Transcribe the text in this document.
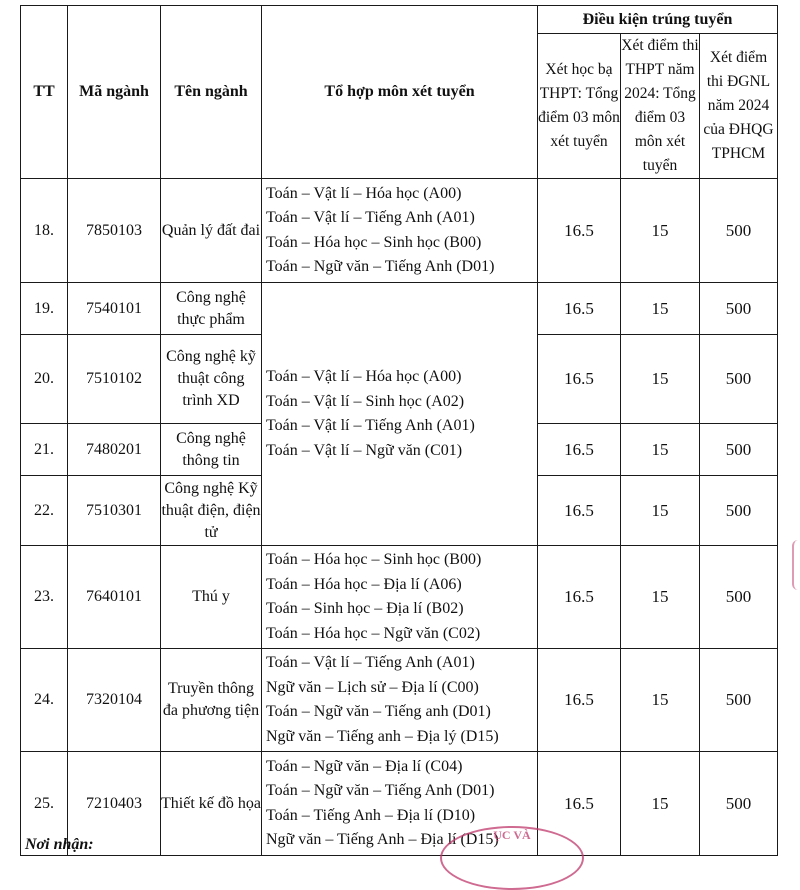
TT	Mã ngành	Tên ngành	Tổ hợp môn xét tuyển	Điều kiện trúng tuyển		
				Xét học bạ THPT: Tổng điểm 03 môn xét tuyển	Xét điểm thi THPT năm 2024: Tổng điểm 03 môn xét tuyển	Xét điểm thi ĐGNL năm 2024 của ĐHQG TPHCM
18.	7850103	Quản lý đất đai	Toán – Vật lí – Hóa học (A00)
Toán – Vật lí – Tiếng Anh (A01)
Toán – Hóa học – Sinh học (B00)
Toán – Ngữ văn – Tiếng Anh (D01)	16.5	15	500
19.	7540101	Công nghệ thực phẩm	Toán – Vật lí – Hóa học (A00)
Toán – Vật lí – Sinh học (A02)
Toán – Vật lí – Tiếng Anh (A01)
Toán – Vật lí – Ngữ văn (C01)	16.5	15	500
20.	7510102	Công nghệ kỹ thuật công trình XD		16.5	15	500
21.	7480201	Công nghệ thông tin		16.5	15	500
22.	7510301	Công nghệ Kỹ thuật điện, điện tử		16.5	15	500
23.	7640101	Thú y	Toán – Hóa học – Sinh học (B00)
Toán – Hóa học – Địa lí (A06)
Toán – Sinh học – Địa lí (B02)
Toán – Hóa học – Ngữ văn (C02)	16.5	15	500
24.	7320104	Truyền thông đa phương tiện	Toán – Vật lí – Tiếng Anh (A01)
Ngữ văn – Lịch sử – Địa lí (C00)
Toán – Ngữ văn – Tiếng anh (D01)
Ngữ văn – Tiếng anh – Địa lý (D15)	16.5	15	500
25.	7210403	Thiết kế đồ họa	Toán – Ngữ văn – Địa lí (C04)
Toán – Ngữ văn – Tiếng Anh (D01)
Toán – Tiếng Anh – Địa lí (D10)
Ngữ văn – Tiếng Anh – Địa lí (D15)	16.5	15	500
Nơi nhận:
ỤC VÀ
